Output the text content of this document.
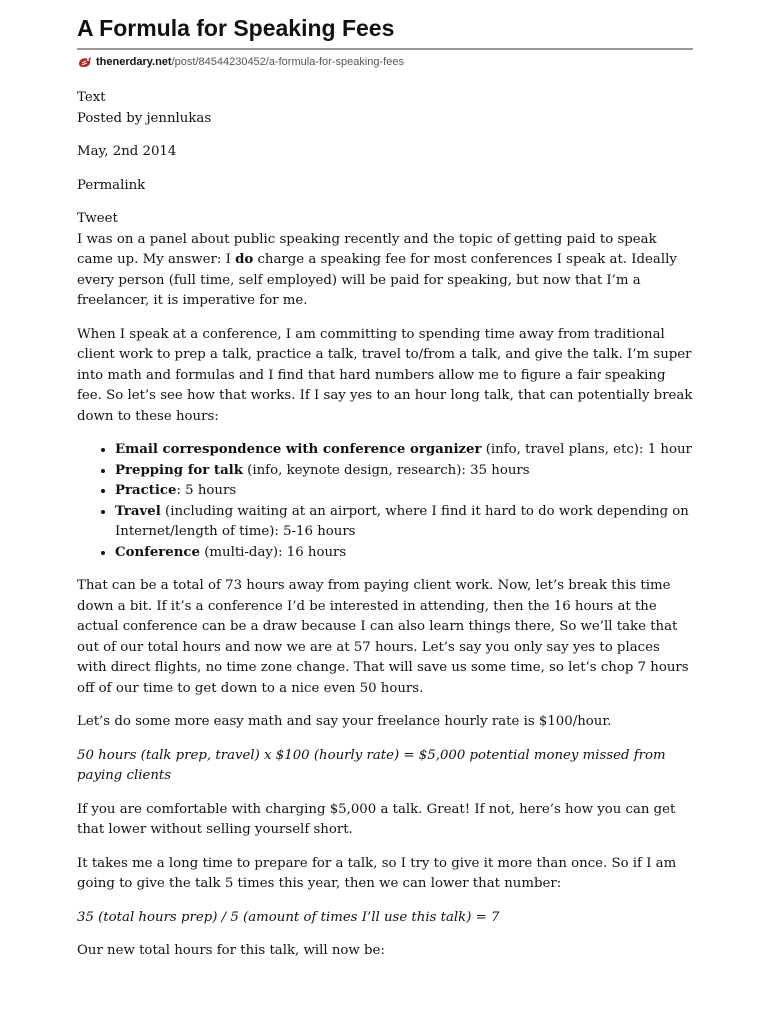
A Formula for Speaking Fees
thenerdary.net /post/84544230452/a-formula-for-speaking-fees

Text

Posted by jennlukas

May, 2nd 2014

Permalink

Tweet

I was on a panel about public speaking recently and the topic of getting paid to speak came up. My answer: I do charge a speaking fee for most conferences I speak at. Ideally every person (full time, self employed) will be paid for speaking, but now that I’m a freelancer, it is imperative for me.

When I speak at a conference, I am committing to spending time away from traditional client work to prep a talk, practice a talk, travel to/from a talk, and give the talk. I’m super into math and formulas and I find that hard numbers allow me to figure a fair speaking fee. So let’s see how that works. If I say yes to an hour long talk, that can potentially break down to these hours:

• Email correspondence with conference organizer (info, travel plans, etc): 1 hour
• Prepping for talk (info, keynote design, research): 35 hours
• Practice: 5 hours
• Travel (including waiting at an airport, where I find it hard to do work depending on Internet/length of time): 5-16 hours
• Conference (multi-day): 16 hours

That can be a total of 73 hours away from paying client work. Now, let’s break this time down a bit. If it’s a conference I’d be interested in attending, then the 16 hours at the actual conference can be a draw because I can also learn things there, So we’ll take that out of our total hours and now we are at 57 hours. Let’s say you only say yes to places with direct flights, no time zone change. That will save us some time, so let’s chop 7 hours off of our time to get down to a nice even 50 hours.

Let’s do some more easy math and say your freelance hourly rate is $100/hour.

50 hours (talk prep, travel) x $100 (hourly rate) = $5,000 potential money missed from paying clients

If you are comfortable with charging $5,000 a talk. Great! If not, here’s how you can get that lower without selling yourself short.

It takes me a long time to prepare for a talk, so I try to give it more than once. So if I am going to give the talk 5 times this year, then we can lower that number:

35 (total hours prep) / 5 (amount of times I’ll use this talk) = 7

Our new total hours for this talk, will now be:
